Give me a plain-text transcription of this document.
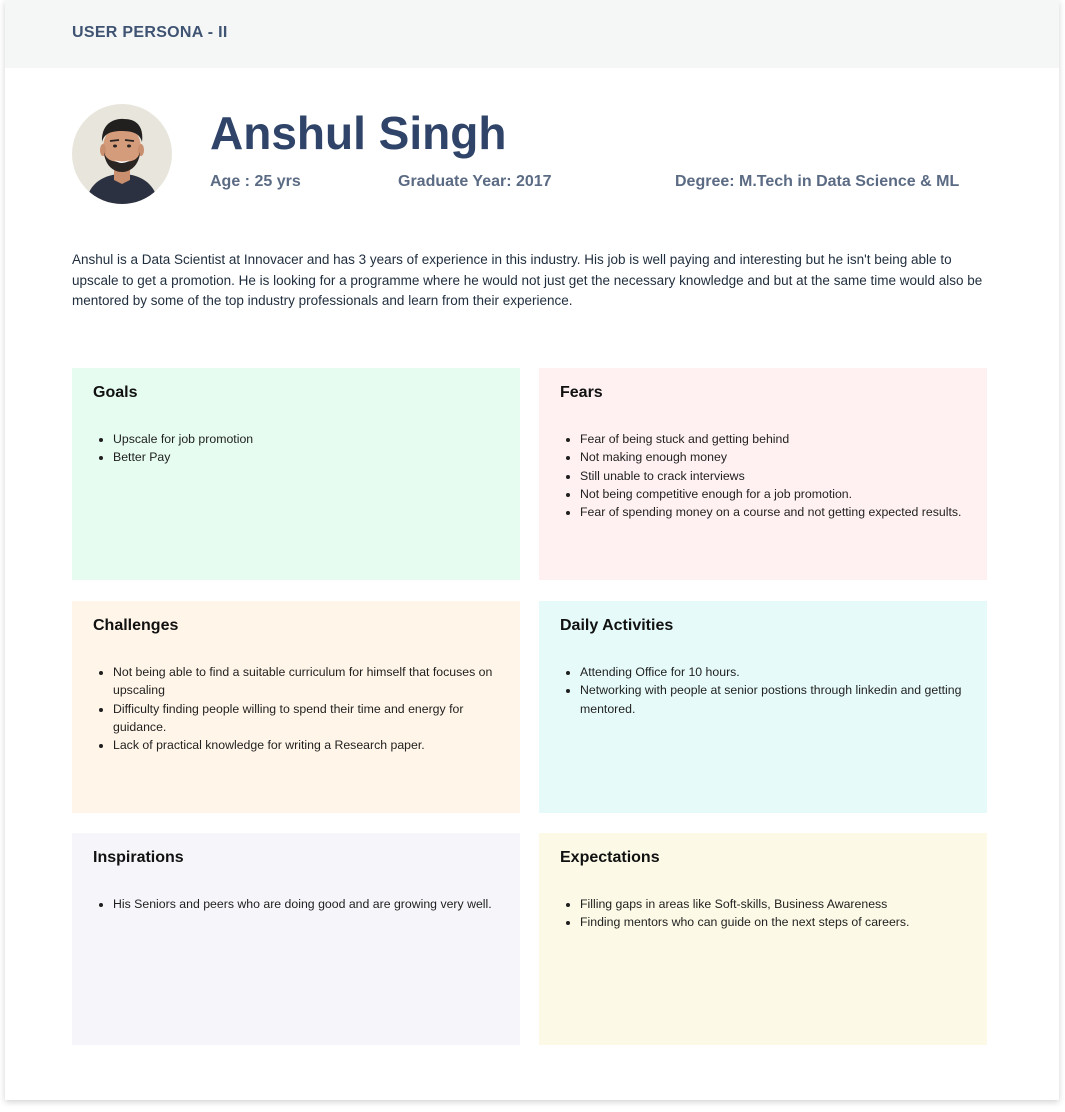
USER PERSONA - II
Anshul Singh
Age : 25 yrs	Graduate Year: 2017	Degree: M.Tech in Data Science & ML
Anshul is a Data Scientist at Innovacer and has 3 years of experience in this industry. His job is well paying and interesting but he isn't being able to upscale to get a promotion. He is looking for a programme where he would not just get the necessary knowledge and but at the same time would also be mentored by some of the top industry professionals and learn from their experience.
Goals
• Upscale for job promotion
• Better Pay
Fears
• Fear of being stuck and getting behind
• Not making enough money
• Still unable to crack interviews
• Not being competitive enough for a job promotion.
• Fear of spending money on a course and not getting expected results.
Challenges
• Not being able to find a suitable curriculum for himself that focuses on upscaling
• Difficulty finding people willing to spend their time and energy for guidance.
• Lack of practical knowledge for writing a Research paper.
Daily Activities
• Attending Office for 10 hours.
• Networking with people at senior postions through linkedin and getting mentored.
Inspirations
• His Seniors and peers who are doing good and are growing very well.
Expectations
• Filling gaps in areas like Soft-skills, Business Awareness
• Finding mentors who can guide on the next steps of careers.
